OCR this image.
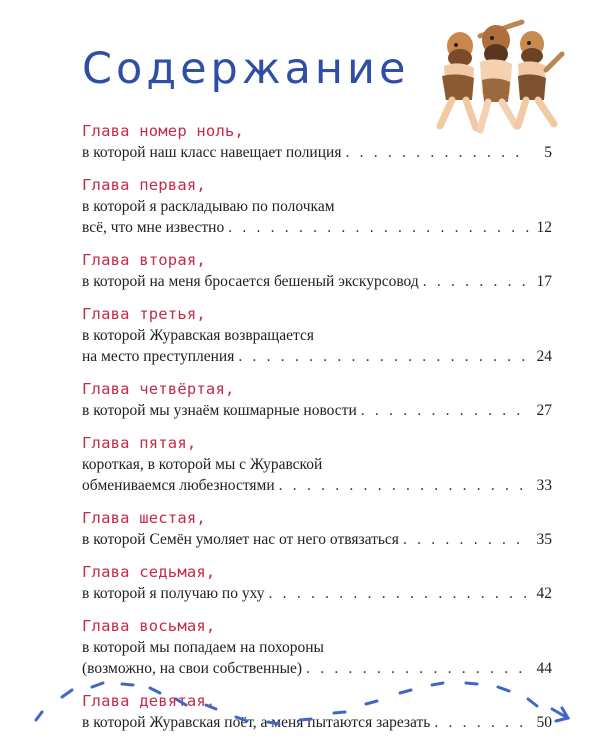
Содержание
Глава номер ноль,
в которой наш класс навещает полиция . . .	5
Глава первая,
в которой я раскладываю по полочкам
всё, что мне известно . . .	12
Глава вторая,
в которой на меня бросается бешеный экскурсовод . . .	17
Глава третья,
в которой Журавская возвращается
на место преступления . . .	24
Глава четвёртая,
в которой мы узнаём кошмарные новости . . .	27
Глава пятая,
короткая, в которой мы с Журавской
обмениваемся любезностями . . .	33
Глава шестая,
в которой Семён умоляет нас от него отвязаться . . .	35
Глава седьмая,
в которой я получаю по уху . . .	42
Глава восьмая,
в которой мы попадаем на похороны
(возможно, на свои собственные) . . .	44
Глава девятая,
в которой Журавская поёт, а меня пытаются зарезать . . .	50
